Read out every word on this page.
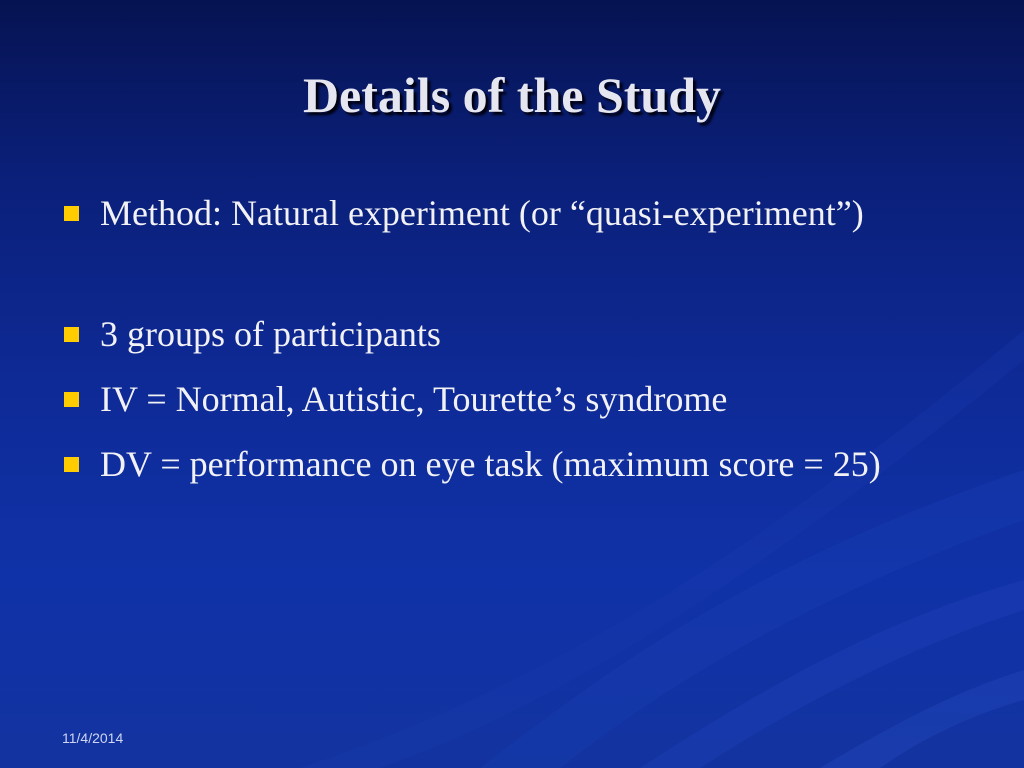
Details of the Study
Method: Natural experiment (or “quasi-experiment”)
3 groups of participants
IV = Normal, Autistic, Tourette’s syndrome
DV = performance on eye task (maximum score = 25)
11/4/2014
